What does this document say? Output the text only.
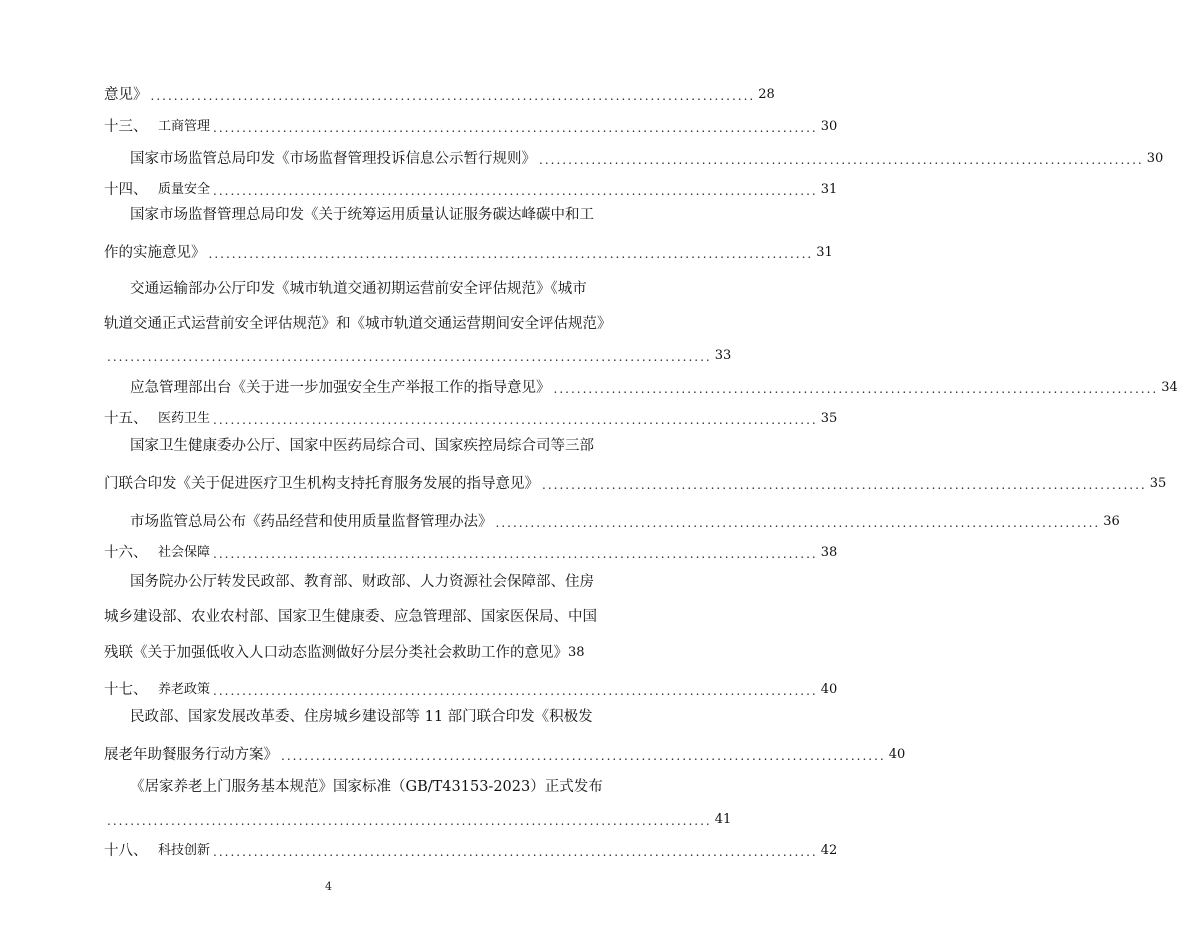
意见》 ........................................................................................................ 28
十三、 工商管理 ........................................................................................................ 30
国家市场监管总局印发《市场监督管理投诉信息公示暂行规则》 ........................................................................................................ 30
十四、 质量安全 ........................................................................................................ 31
国家市场监督管理总局印发《关于统筹运用质量认证服务碳达峰碳中和工
作的实施意见》 ........................................................................................................ 31
交通运输部办公厅印发《城市轨道交通初期运营前安全评估规范》《城市
轨道交通正式运营前安全评估规范》和《城市轨道交通运营期间安全评估规范》
........................................................................................................ 33
应急管理部出台《关于进一步加强安全生产举报工作的指导意见》 ........................................................................................................ 34
十五、 医药卫生 ........................................................................................................ 35
国家卫生健康委办公厅、国家中医药局综合司、国家疾控局综合司等三部
门联合印发《关于促进医疗卫生机构支持托育服务发展的指导意见》 ........................................................................................................ 35
市场监管总局公布《药品经营和使用质量监督管理办法》 ........................................................................................................ 36
十六、 社会保障 ........................................................................................................ 38
国务院办公厅转发民政部、教育部、财政部、人力资源社会保障部、住房
城乡建设部、农业农村部、国家卫生健康委、应急管理部、国家医保局、中国
残联《关于加强低收入人口动态监测做好分层分类社会救助工作的意见》 38
十七、 养老政策 ........................................................................................................ 40
民政部、国家发展改革委、住房城乡建设部等 11 部门联合印发《积极发
展老年助餐服务行动方案》 ........................................................................................................ 40
《居家养老上门服务基本规范》国家标准（GB/T43153-2023）正式发布
........................................................................................................ 41
十八、 科技创新 ........................................................................................................ 42
4
